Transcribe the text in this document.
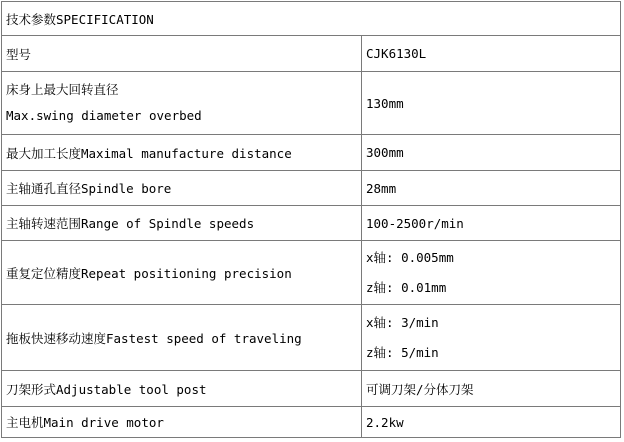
技术参数SPECIFICATION	
型号	CJK6130L

床身上最大回转直径
Max.swing diameter overbed	130mm
最大加工长度Maximal manufacture distance	300mm
主轴通孔直径Spindle bore	28mm
主轴转速范围Range of Spindle speeds	100-2500r/min
重复定位精度Repeat positioning precision	x轴: 0.005mm
z轴: 0.01mm

拖板快速移动速度Fastest speed of traveling	x轴: 3/min
z轴: 5/min

刀架形式Adjustable tool post	可调刀架/分体刀架
主电机Main drive motor	2.2kw
